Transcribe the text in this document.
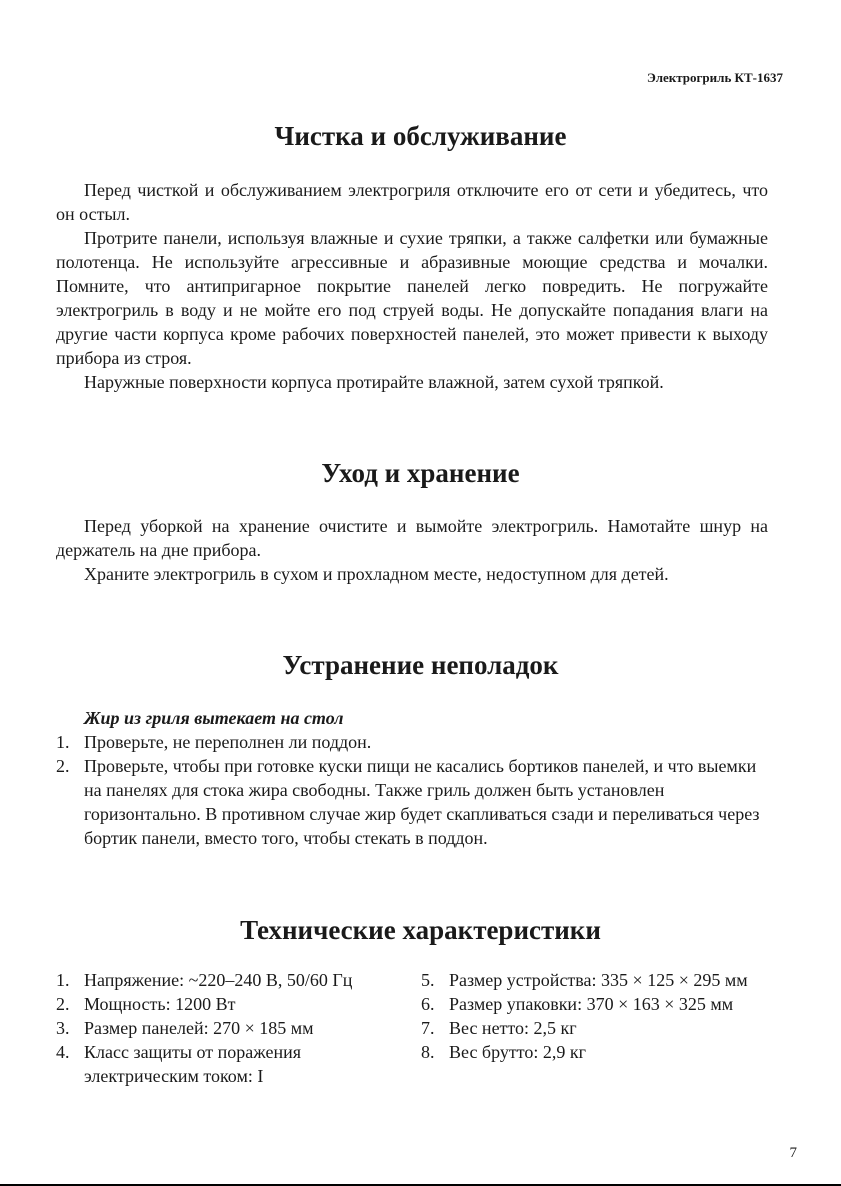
Электрогриль КТ-1637
Чистка и обслуживание

Перед чисткой и обслуживанием электрогриля отключите его от сети и убедитесь, что он остыл.

Протрите панели, используя влажные и сухие тряпки, а также салфетки или бумажные полотенца. Не используйте агрессивные и абразивные моющие средства и мочалки. Помните, что антипригарное покрытие панелей легко повредить. Не погружайте электрогриль в воду и не мойте его под струей воды. Не допускайте попадания влаги на другие части корпуса кроме рабочих поверхностей панелей, это может привести к выходу прибора из строя.

Наружные поверхности корпуса протирайте влажной, затем сухой тряпкой.

Уход и хранение

Перед уборкой на хранение очистите и вымойте электрогриль. Намотайте шнур на держатель на дне прибора.

Храните электрогриль в сухом и прохладном месте, недоступном для детей.

Устранение неполадок

Жир из гриля вытекает на стол

1. Проверьте, не переполнен ли поддон.
2. Проверьте, чтобы при готовке куски пищи не касались бортиков панелей, и что выемки на панелях для стока жира свободны. Также гриль должен быть установлен горизонтально. В противном случае жир будет скапливаться сзади и переливаться через бортик панели, вместо того, чтобы стекать в поддон.
Технические характеристики
1. Напряжение: ~220–240 В, 50/60 Гц
2. Мощность: 1200 Вт
3. Размер панелей: 270 × 185 мм
4. Класс защиты от поражения электрическим током: I
5. Размер устройства: 335 × 125 × 295 мм
6. Размер упаковки: 370 × 163 × 325 мм
7. Вес нетто: 2,5 кг
8. Вес брутто: 2,9 кг
7
